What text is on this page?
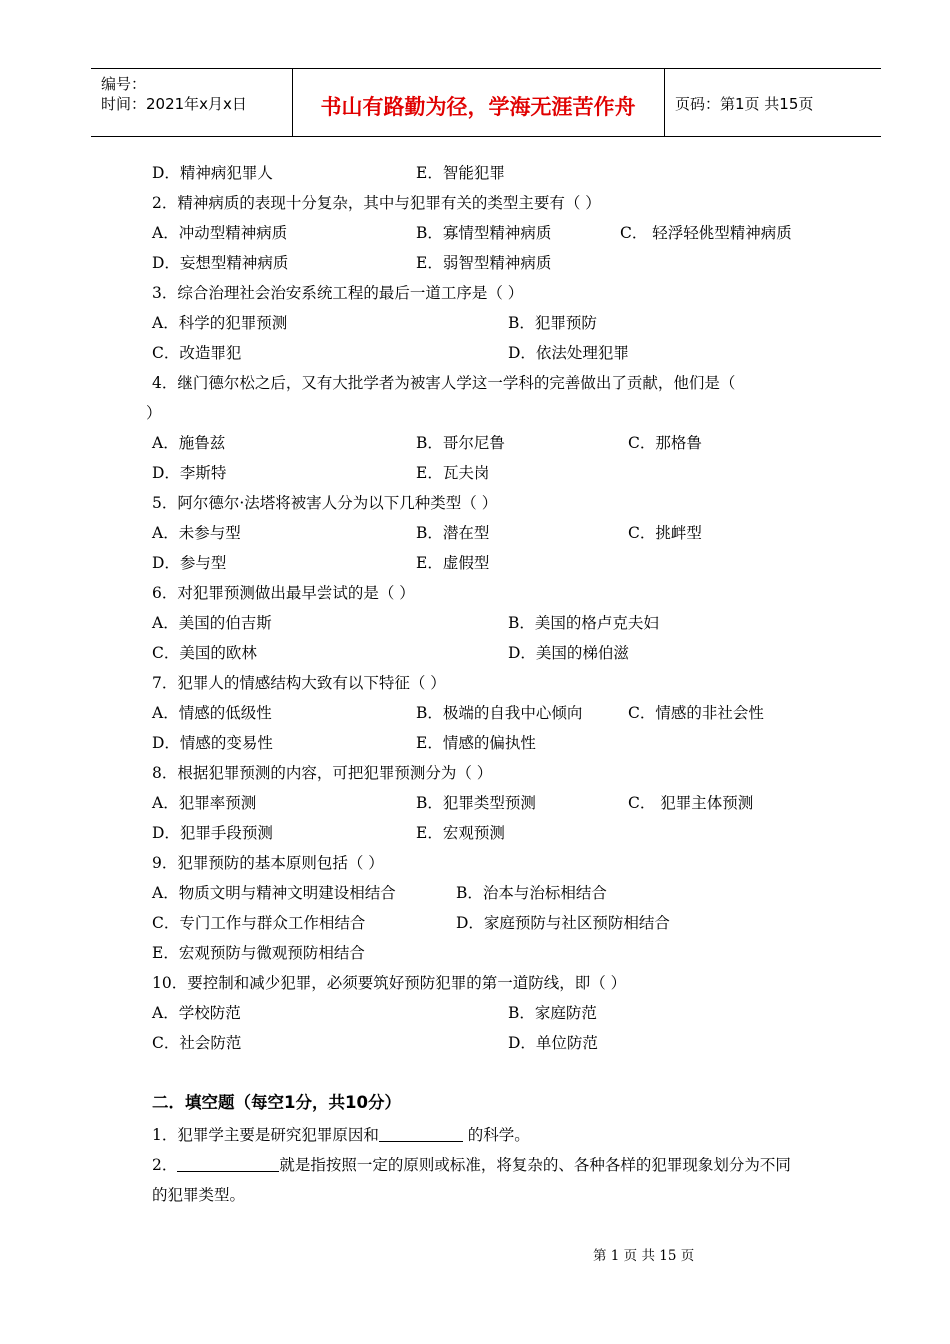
编号：
时间：2021年x月x日	书山有路勤为径，学海无涯苦作舟	页码：第1页 共15页
D．精神病犯罪人	E．智能犯罪
2．精神病质的表现十分复杂，其中与犯罪有关的类型主要有（ ）
A．冲动型精神病质	B．寡情型精神病质	C． 轻浮轻佻型精神病质
D．妄想型精神病质	E．弱智型精神病质
3．综合治理社会治安系统工程的最后一道工序是（ ）
A．科学的犯罪预测	B．犯罪预防
C．改造罪犯	D．依法处理犯罪
4．继门德尔松之后，又有大批学者为被害人学这一学科的完善做出了贡献，他们是（
）
A．施鲁兹	B．哥尔尼鲁	C．那格鲁
D．李斯特	E．瓦夫岗
5．阿尔德尔·法塔将被害人分为以下几种类型（ ）
A．未参与型	B．潜在型	C．挑衅型
D．参与型	E．虚假型
6．对犯罪预测做出最早尝试的是（ ）
A．美国的伯吉斯	B．美国的格卢克夫妇
C．美国的欧林	D．美国的梯伯滋
7．犯罪人的情感结构大致有以下特征（ ）
A．情感的低级性	B．极端的自我中心倾向	C．情感的非社会性
D．情感的变易性	E．情感的偏执性
8．根据犯罪预测的内容，可把犯罪预测分为（ ）
A．犯罪率预测	B．犯罪类型预测	C． 犯罪主体预测
D．犯罪手段预测	E．宏观预测
9．犯罪预防的基本原则包括（ ）
A．物质文明与精神文明建设相结合	B．治本与治标相结合
C．专门工作与群众工作相结合	D．家庭预防与社区预防相结合
E．宏观预防与微观预防相结合
10．要控制和减少犯罪，必须要筑好预防犯罪的第一道防线，即（ ）
A．学校防范	B．家庭防范
C．社会防范	D．单位防范
二．填空题（每空1分，共10分）
1．犯罪学主要是研究犯罪原因和	的科学。
2．	就是指按照一定的原则或标准，将复杂的、各种各样的犯罪现象划分为不同
的犯罪类型。
第 1 页 共 15 页
